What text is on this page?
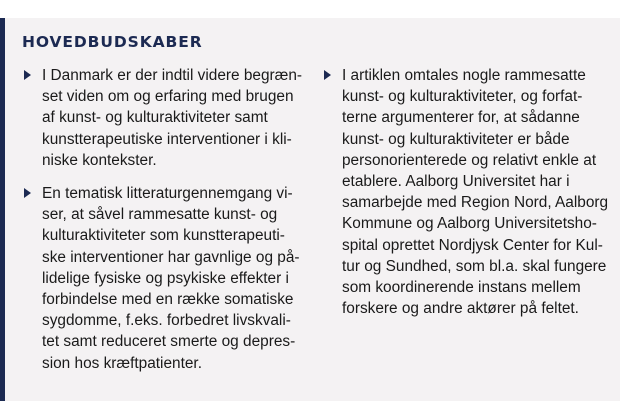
HOVEDBUDSKABER
I Danmark er der indtil videre begræn-
set viden om og erfaring med brugen
af kunst- og kulturaktiviteter samt
kunstterapeutiske interventioner i kli-
niske kontekster.
En tematisk litteraturgennemgang vi-
ser, at såvel rammesatte kunst- og
kulturaktiviteter som kunstterapeuti-
ske interventioner har gavnlige og på-
lidelige fysiske og psykiske effekter i
forbindelse med en række somatiske
sygdomme, f.eks. forbedret livskvali-
tet samt reduceret smerte og depres-
sion hos kræftpatienter.
I artiklen omtales nogle rammesatte
kunst- og kulturaktiviteter, og forfat-
terne argumenterer for, at sådanne
kunst- og kulturaktiviteter er både
personorienterede og relativt enkle at
etablere. Aalborg Universitet har i
samarbejde med Region Nord, Aalborg
Kommune og Aalborg Universitetsho-
spital oprettet Nordjysk Center for Kul-
tur og Sundhed, som bl.a. skal fungere
som koordinerende instans mellem
forskere og andre aktører på feltet.
